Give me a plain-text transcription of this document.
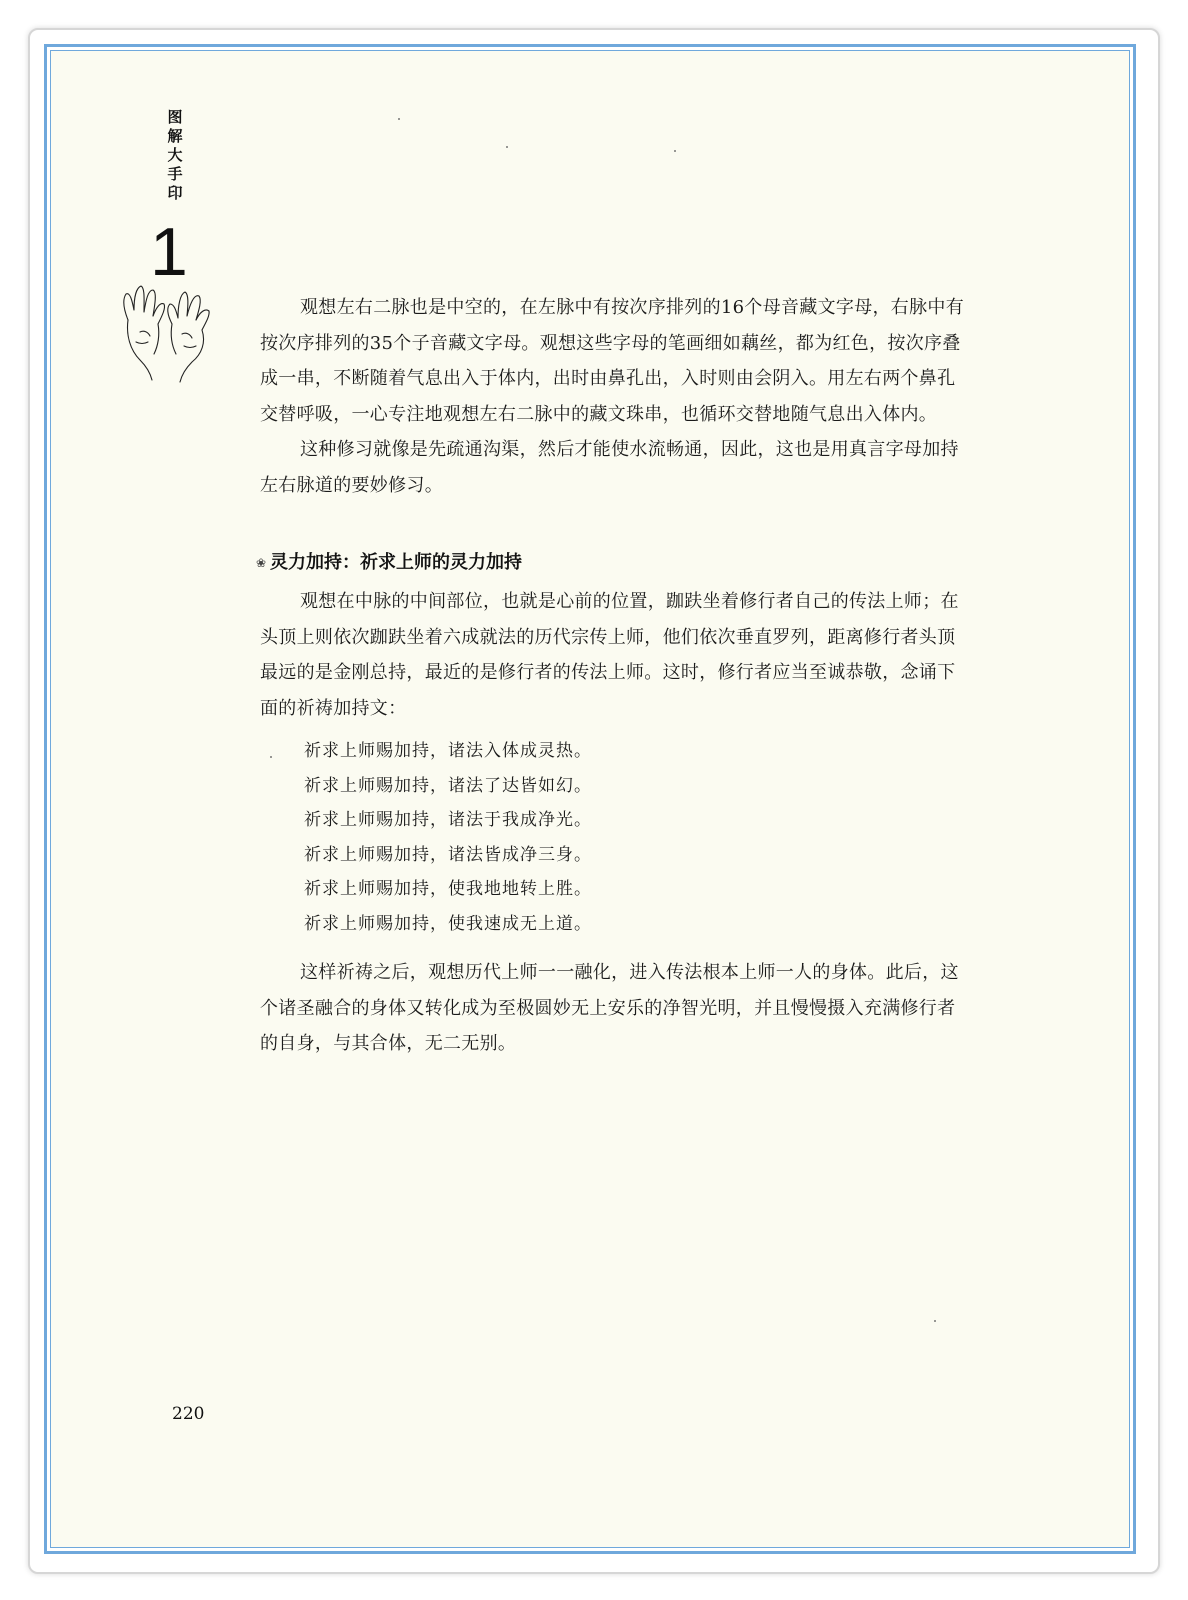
图解大手印
1

观想左右二脉也是中空的，在左脉中有按次序排列的16个母音藏文字母，右脉中有按次序排列的35个子音藏文字母。观想这些字母的笔画细如藕丝，都为红色，按次序叠成一串，不断随着气息出入于体内，出时由鼻孔出，入时则由会阴入。用左右两个鼻孔交替呼吸，一心专注地观想左右二脉中的藏文珠串，也循环交替地随气息出入体内。

这种修习就像是先疏通沟渠，然后才能使水流畅通，因此，这也是用真言字母加持左右脉道的要妙修习。

❀ 灵力加持：祈求上师的灵力加持

观想在中脉的中间部位，也就是心前的位置，跏趺坐着修行者自己的传法上师；在头顶上则依次跏趺坐着六成就法的历代宗传上师，他们依次垂直罗列，距离修行者头顶最远的是金刚总持，最近的是修行者的传法上师。这时，修行者应当至诚恭敬，念诵下面的祈祷加持文：

祈求上师赐加持，诸法入体成灵热。

祈求上师赐加持，诸法了达皆如幻。

祈求上师赐加持，诸法于我成净光。

祈求上师赐加持，诸法皆成净三身。

祈求上师赐加持，使我地地转上胜。

祈求上师赐加持，使我速成无上道。

这样祈祷之后，观想历代上师一一融化，进入传法根本上师一人的身体。此后，这个诸圣融合的身体又转化成为至极圆妙无上安乐的净智光明，并且慢慢摄入充满修行者的自身，与其合体，无二无别。

220
